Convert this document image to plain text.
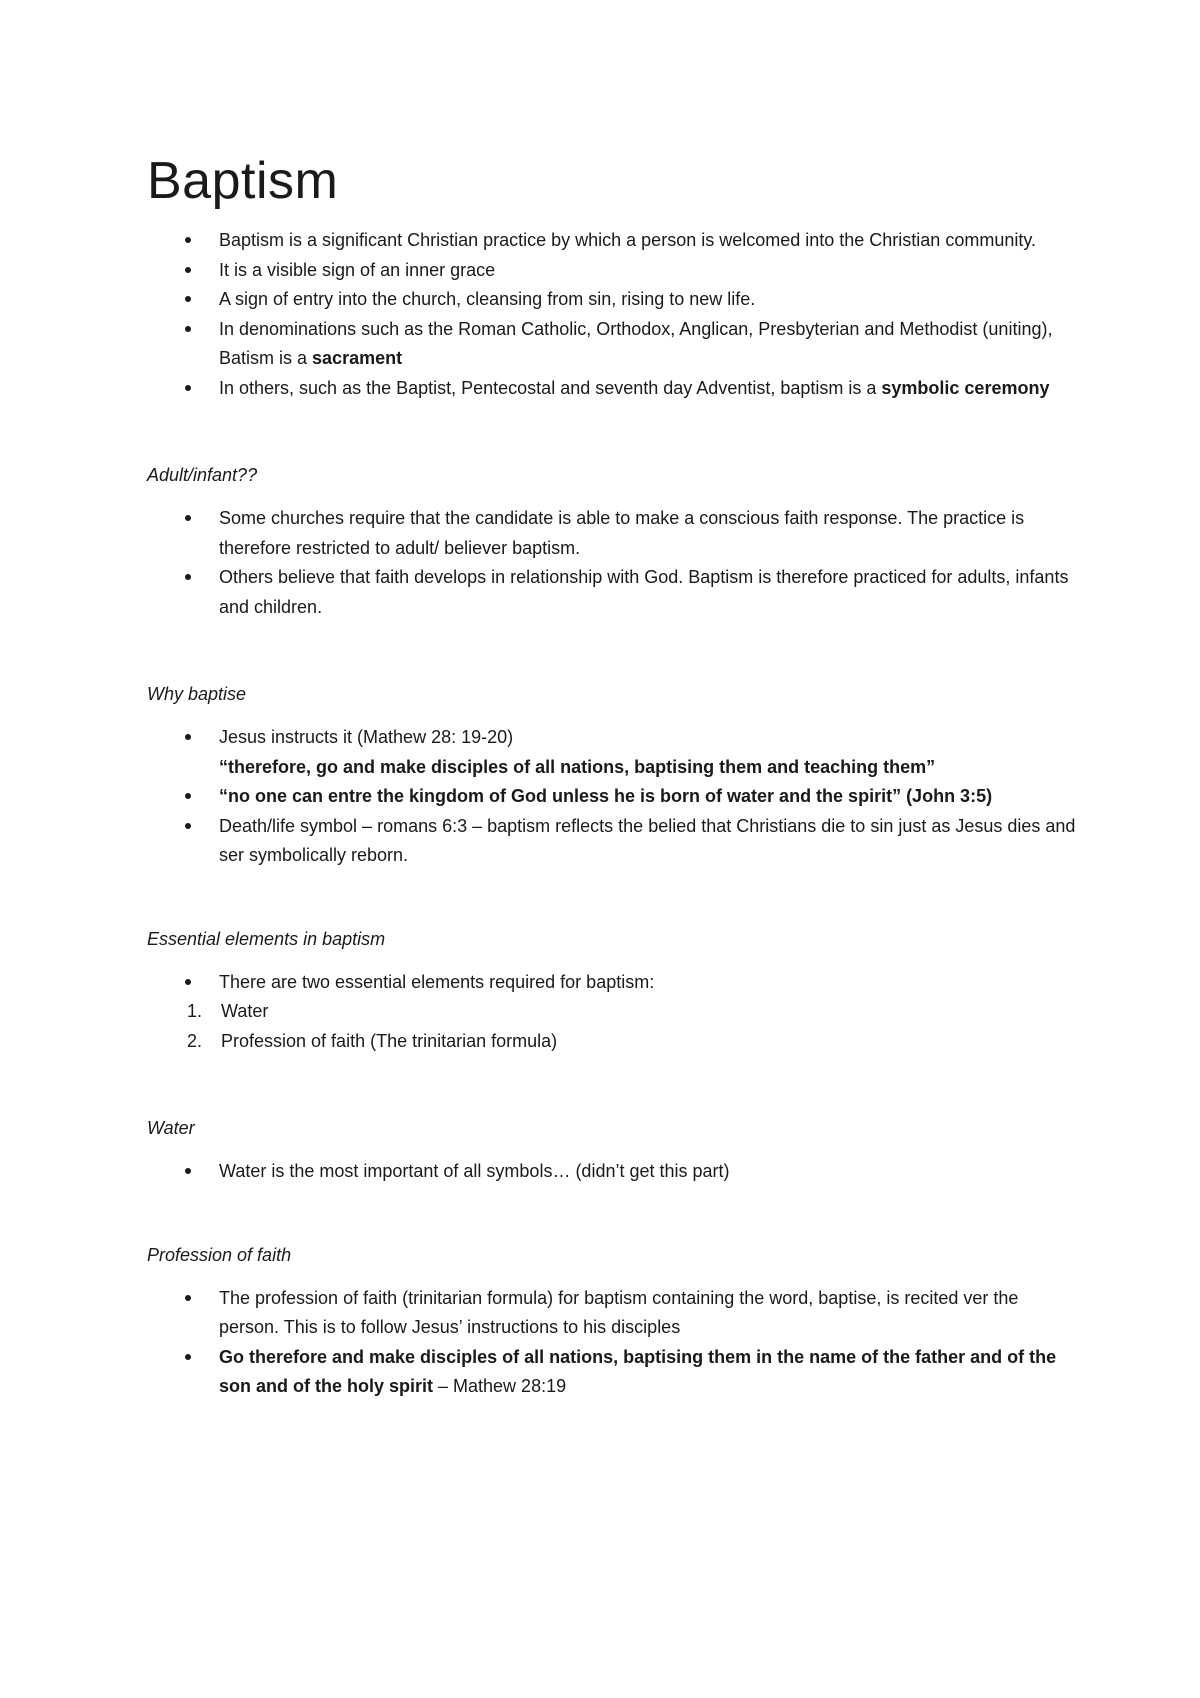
Baptism
Baptism is a significant Christian practice by which a person is welcomed into the Christian community.
It is a visible sign of an inner grace
A sign of entry into the church, cleansing from sin, rising to new life.
In denominations such as the Roman Catholic, Orthodox, Anglican, Presbyterian and Methodist (uniting), Batism is a sacrament
In others, such as the Baptist, Pentecostal and seventh day Adventist, baptism is a symbolic ceremony
Adult/infant??
Some churches require that the candidate is able to make a conscious faith response. The practice is therefore restricted to adult/ believer baptism.
Others believe that faith develops in relationship with God. Baptism is therefore practiced for adults, infants and children.
Why baptise
Jesus instructs it (Mathew 28: 19-20)
“therefore, go and make disciples of all nations, baptising them and teaching them”
“no one can entre the kingdom of God unless he is born of water and the spirit” (John 3:5)
Death/life symbol – romans 6:3 – baptism reflects the belied that Christians die to sin just as Jesus dies and ser symbolically reborn.
Essential elements in baptism
There are two essential elements required for baptism:
1. Water
2. Profession of faith (The trinitarian formula)
Water
Water is the most important of all symbols… (didn’t get this part)
Profession of faith
The profession of faith (trinitarian formula) for baptism containing the word, baptise, is recited ver the person. This is to follow Jesus’ instructions to his disciples
Go therefore and make disciples of all nations, baptising them in the name of the father and of the son and of the holy spirit – Mathew 28:19
